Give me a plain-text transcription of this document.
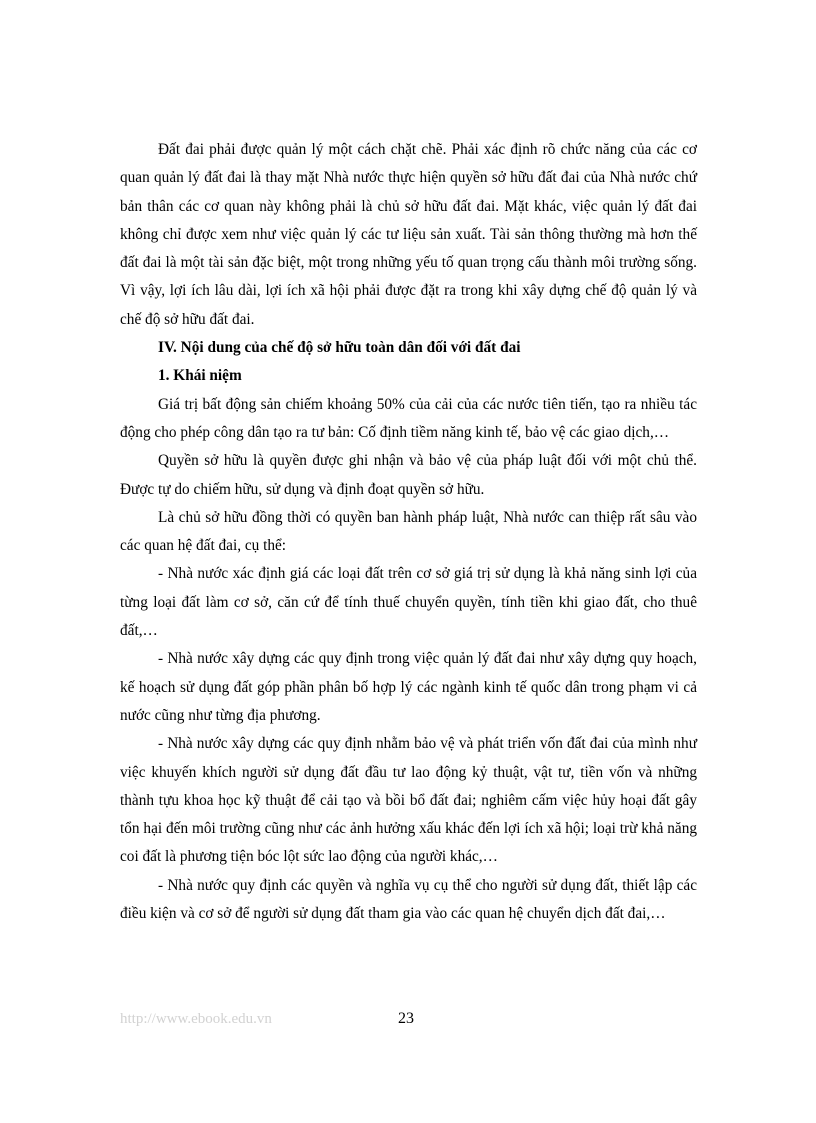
Đất đai phải được quản lý một cách chặt chẽ. Phải xác định rõ chức năng của các cơ quan quản lý đất đai là thay mặt Nhà nước thực hiện quyền sở hữu đất đai của Nhà nước chứ bản thân các cơ quan này không phải là chủ sở hữu đất đai. Mặt khác, việc quản lý đất đai không chỉ được xem như việc quản lý các tư liệu sản xuất. Tài sản thông thường mà hơn thế đất đai là một tài sản đặc biệt, một trong những yếu tố quan trọng cấu thành môi trường sống. Vì vậy, lợi ích lâu dài, lợi ích xã hội phải được đặt ra trong khi xây dựng chế độ quản lý và chế độ sở hữu đất đai.

IV. Nội dung của chế độ sở hữu toàn dân đối với đất đai

1. Khái niệm

Giá trị bất động sản chiếm khoảng 50% của cải của các nước tiên tiến, tạo ra nhiều tác động cho phép công dân tạo ra tư bản: Cố định tiềm năng kinh tế, bảo vệ các giao dịch,…

Quyền sở hữu là quyền được ghi nhận và bảo vệ của pháp luật đối với một chủ thể. Được tự do chiếm hữu, sử dụng và định đoạt quyền sở hữu.

Là chủ sở hữu đồng thời có quyền ban hành pháp luật, Nhà nước can thiệp rất sâu vào các quan hệ đất đai, cụ thể:

- Nhà nước xác định giá các loại đất trên cơ sở giá trị sử dụng là khả năng sinh lợi của từng loại đất làm cơ sở, căn cứ để tính thuế chuyển quyền, tính tiền khi giao đất, cho thuê đất,…

- Nhà nước xây dựng các quy định trong việc quản lý đất đai như xây dựng quy hoạch, kế hoạch sử dụng đất góp phần phân bố hợp lý các ngành kinh tế quốc dân trong phạm vi cả nước cũng như từng địa phương.

- Nhà nước xây dựng các quy định nhằm bảo vệ và phát triển vốn đất đai của mình như việc khuyến khích người sử dụng đất đầu tư lao động kỷ thuật, vật tư, tiền vốn và những thành tựu khoa học kỹ thuật để cải tạo và bồi bổ đất đai; nghiêm cấm việc hủy hoại đất gây tổn hại đến môi trường cũng như các ảnh hưởng xấu khác đến lợi ích xã hội; loại trừ khả năng coi đất là phương tiện bóc lột sức lao động của người khác,…

- Nhà nước quy định các quyền và nghĩa vụ cụ thể cho người sử dụng đất, thiết lập các điều kiện và cơ sở để người sử dụng đất tham gia vào các quan hệ chuyển dịch đất đai,…

http://www.ebook.edu.vn	23
